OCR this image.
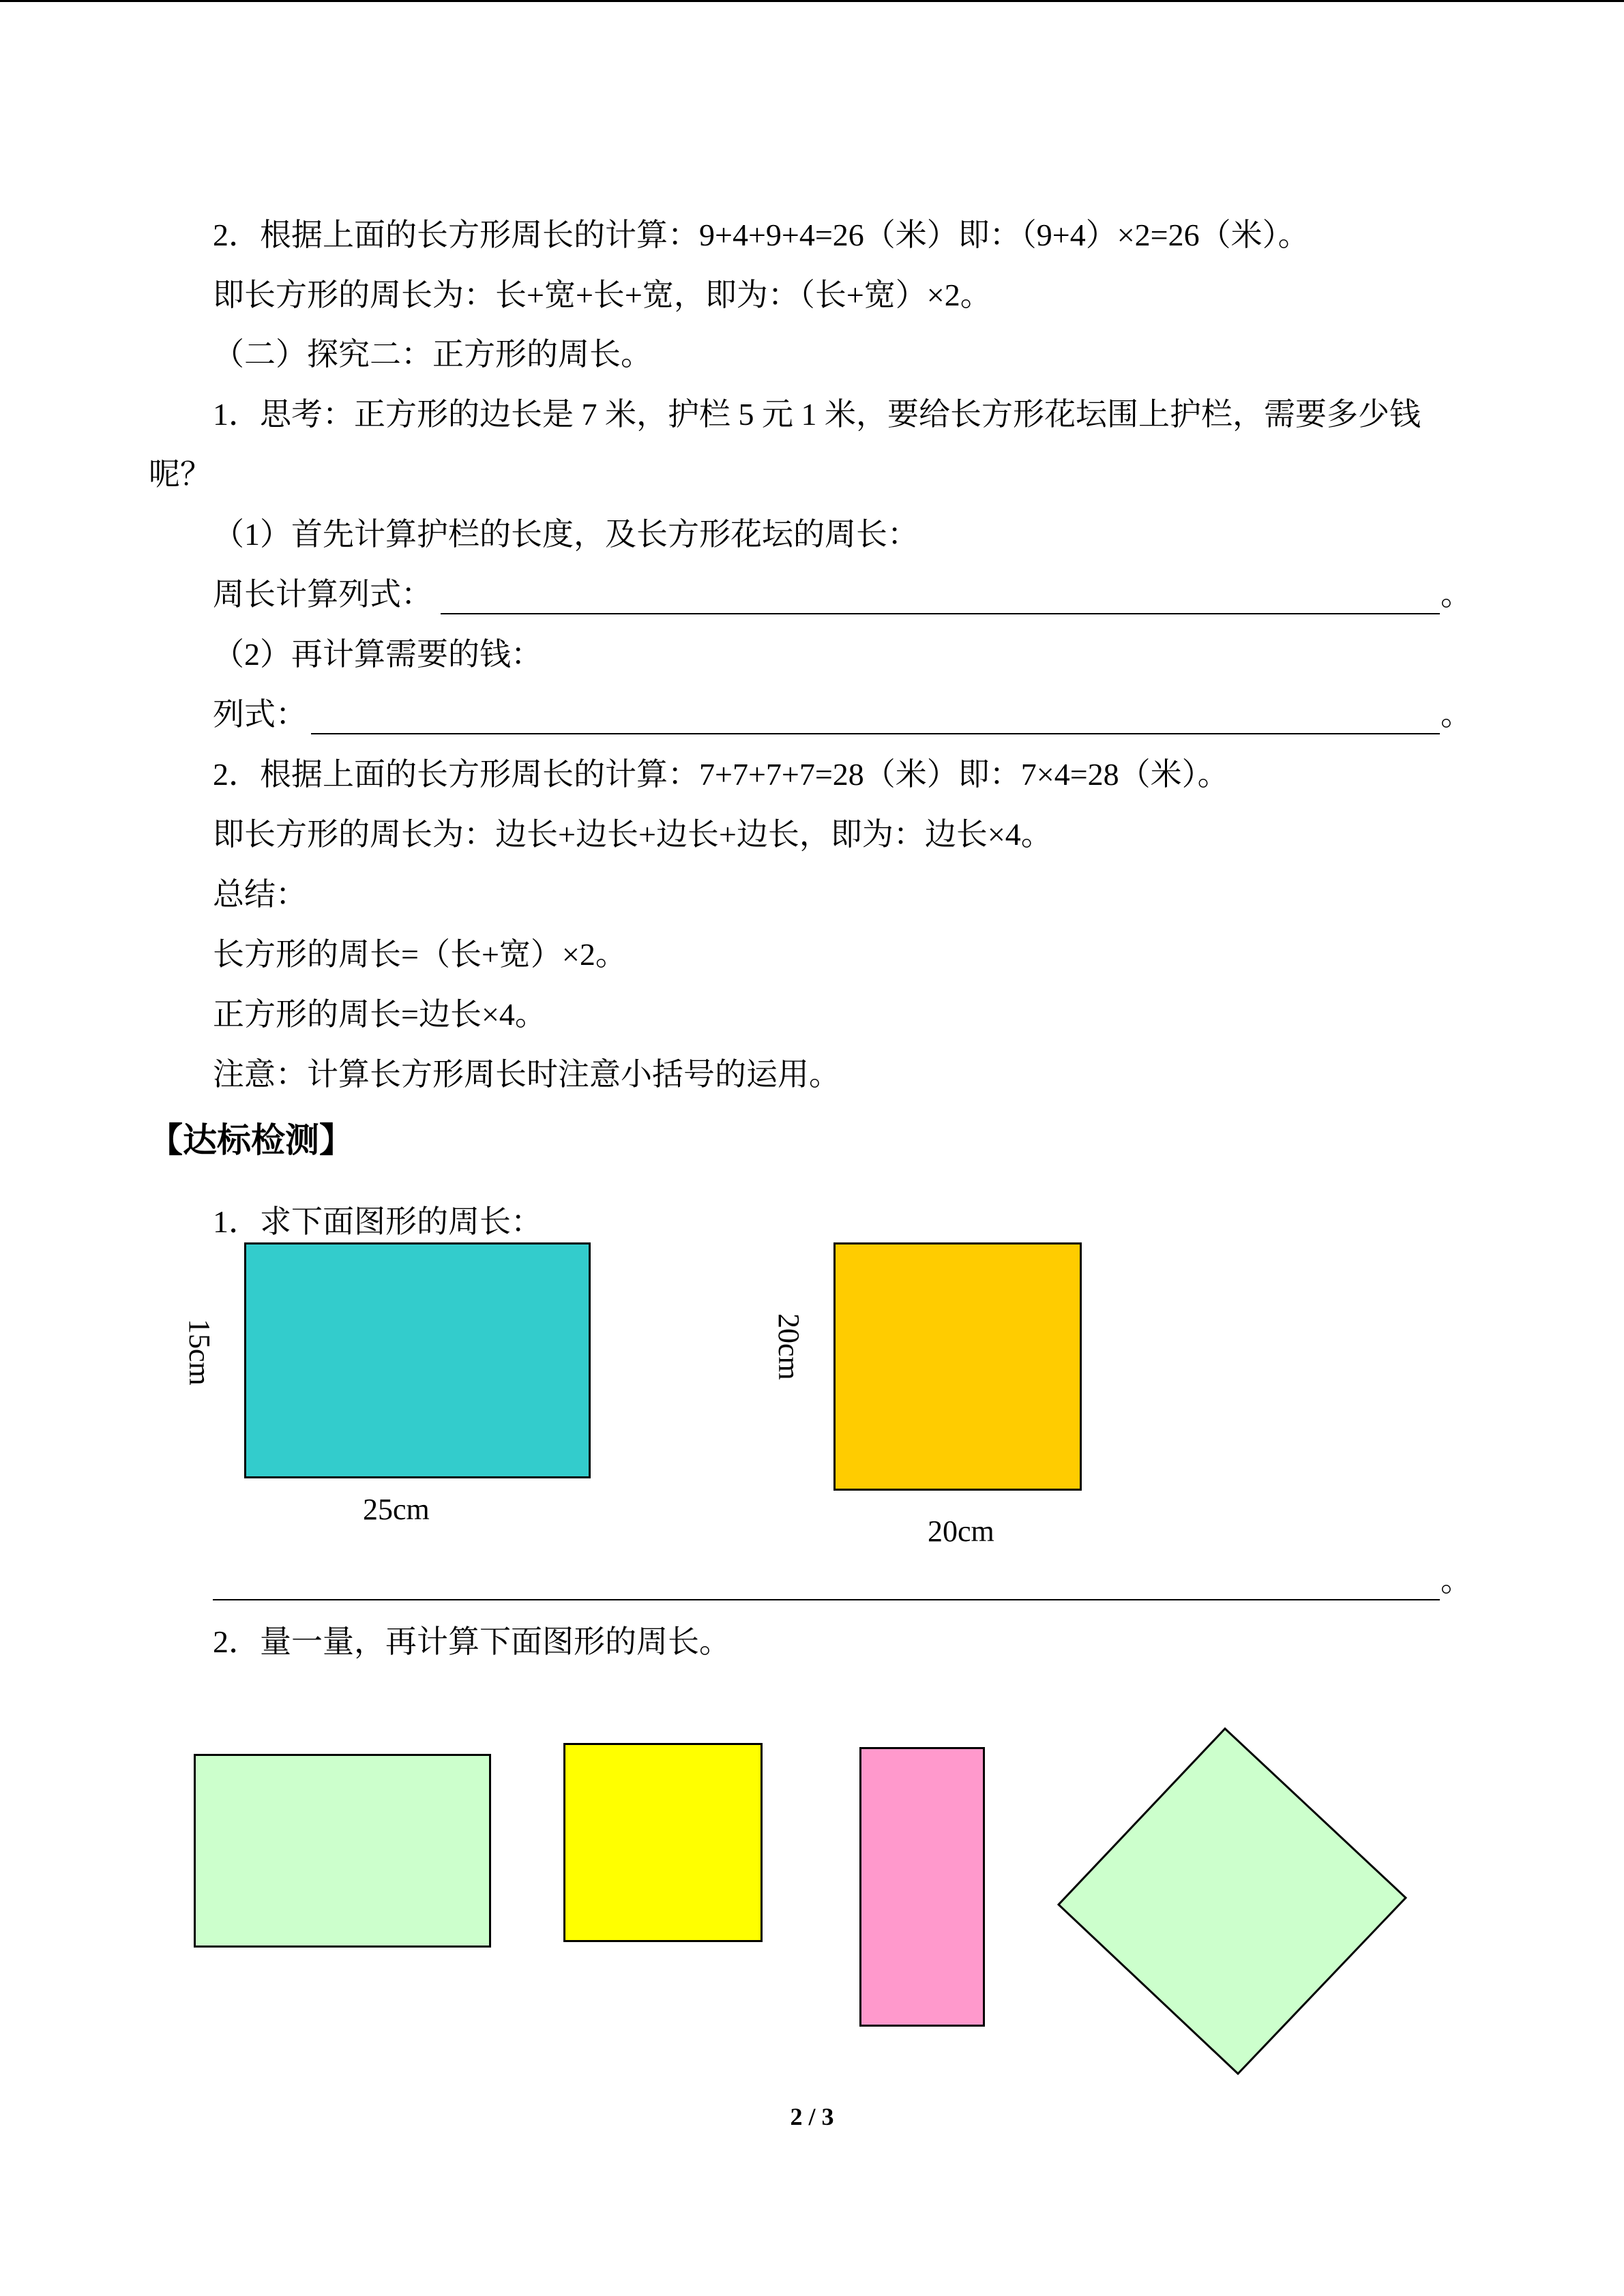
2．根据上面的长方形周长的计算：9+4+9+4=26（米）即：（9+4）×2=26（米）。
即长方形的周长为：长+宽+长+宽，即为：（长+宽）×2。
（二）探究二：正方形的周长。
1．思考：正方形的边长是 7 米，护栏 5 元 1 米，要给长方形花坛围上护栏，需要多少钱
呢？
（1）首先计算护栏的长度，及长方形花坛的周长：
周长计算列式：	。
（2）再计算需要的钱：
列式：	。
2．根据上面的长方形周长的计算：7+7+7+7=28（米）即：7×4=28（米）。
即长方形的周长为：边长+边长+边长+边长，即为：边长×4。
总结：
长方形的周长=（长+宽）×2。
正方形的周长=边长×4。
注意：计算长方形周长时注意小括号的运用。
【达标检测】
1．求下面图形的周长：
15cm
25cm
20cm
20cm
。
2．量一量，再计算下面图形的周长。
2 / 3
